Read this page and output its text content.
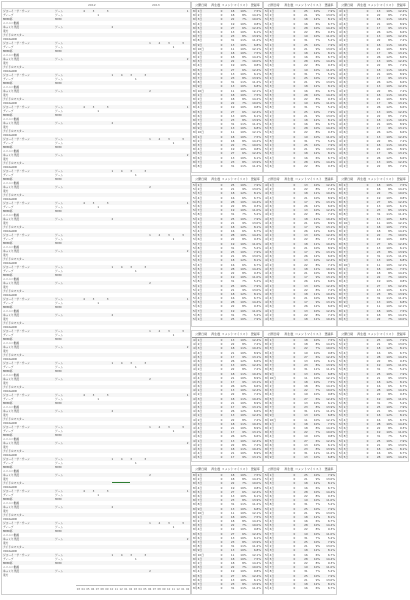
2012	2013
ジヨーイ・サ・サーン	ゲーム	4	3	3	1
ディープ	ゲーム	1
MMD杯	MMD
ニコニコ動画
ゆっくり実況	ゲーム	2
東方
アイドルマスター
VOCALOID
ジヨーイ・サ・サーン	ゲーム	1	4	3	3
ディープ	ゲーム	1
MMD杯	MMD
ニコニコ動画
ゆっくり実況	ゲーム	2
東方
アイドルマスター
VOCALOID
ジヨーイ・サ・サーン	ゲーム	1	4	3	3
ディープ	ゲーム	1
MMD杯	MMD
ニコニコ動画
ゆっくり実況	ゲーム	2
東方
アイドルマスター
VOCALOID
ジヨーイ・サ・サーン	ゲーム	4	3	3	1
ディープ	ゲーム	1
MMD杯	MMD
ニコニコ動画
ゆっくり実況	ゲーム	2
東方
アイドルマスター
VOCALOID
ジヨーイ・サ・サーン	ゲーム	1	4	3	3
ディープ	ゲーム	1
MMD杯	MMD
ニコニコ動画
ゆっくり実況	ゲーム	2
東方
アイドルマスター
VOCALOID
ジヨーイ・サ・サーン	ゲーム	1	4	3	3
ディープ	ゲーム	1
MMD杯	MMD
ニコニコ動画
ゆっくり実況	ゲーム	2
東方
アイドルマスター
VOCALOID
ジヨーイ・サ・サーン	ゲーム	4	3	3	1
ディープ	ゲーム	1
MMD杯	MMD
ニコニコ動画
ゆっくり実況	ゲーム	2
東方
アイドルマスター
VOCALOID
ジヨーイ・サ・サーン	ゲーム	1	4	3	3
ディープ	ゲーム	1
MMD杯	MMD
ニコニコ動画
ゆっくり実況	ゲーム	2
東方
アイドルマスター
VOCALOID
ジヨーイ・サ・サーン	ゲーム	1	4	3	3
ディープ	ゲーム	1
MMD杯	MMD
ニコニコ動画
ゆっくり実況	ゲーム	2
東方
アイドルマスター
VOCALOID
ジヨーイ・サ・サーン	ゲーム	4	3	3	1
ディープ	ゲーム	1
MMD杯	MMD
ニコニコ動画
ゆっくり実況	ゲーム	2
東方
アイドルマスター
VOCALOID
ジヨーイ・サ・サーン	ゲーム	1	4	3	3
ディープ	ゲーム	1
MMD杯	MMD
ニコニコ動画
ゆっくり実況	ゲーム	2
東方
アイドルマスター
VOCALOID
ジヨーイ・サ・サーン	ゲーム	1	4	3	3
ディープ	ゲーム	1
MMD杯	MMD
ニコニコ動画
ゆっくり実況	ゲーム	2
東方
アイドルマスター
VOCALOID
ジヨーイ・サ・サーン	ゲーム	4	3	3	1
ディープ	ゲーム	1
MMD杯	MMD
ニコニコ動画
ゆっくり実況	ゲーム	2
東方
アイドルマスター
VOCALOID
ジヨーイ・サ・サーン	ゲーム	1	4	3	3
ディープ	ゲーム	1
MMD杯	MMD
ニコニコ動画
ゆっくり実況	ゲーム	2
東方
アイドルマスター
VOCALOID
ジヨーイ・サ・サーン	ゲーム	1	4	3	3
ディープ	ゲーム	1
MMD杯	MMD
ニコニコ動画
ゆっくり実況	ゲーム	2
東方
アイドルマスター
VOCALOID
ジヨーイ・サ・サーン	ゲーム	4	3	3	1
ディープ	ゲーム	1
MMD杯	MMD
ニコニコ動画
ゆっくり実況	ゲーム	2
東方
アイドルマスター
VOCALOID
ジヨーイ・サ・サーン	ゲーム	1	4	3	3
ディープ	ゲーム	1
MMD杯	MMD
ニコニコ動画
ゆっくり実況	ゲーム	2
東方
アイドルマスター
VOCALOID
ジヨーイ・サ・サーン	ゲーム	1	4	3	3
ディープ	ゲーム	1
MMD杯	MMD
ニコニコ動画
ゆっくり実況	ゲーム	2
東方
03 04 05 06 07 08 09 10 11 12 01 02 03 04 05 06 07 08 09 10 11 12 01 02
公開日時	再生数 コメント マイリスト 登録率
8月1日	0	18	10%	7.5%
8月2日	0	18	8%	14.2%
8月3日	0	22	7%	10.0%
8月4日	0	19	10%	9.8%
8月5日	0	27	6%	12.4%
8月6日	0	13	10%	6.1%
8月7日	0	23	8%	13.9%
8月8日	0	31	11%	11.2%
8月9日	0	13	10%	6.8%
8月10日	0	11	10%	12.1%
8月1日	0	18	10%	7.5%
8月2日	0	18	8%	14.2%
8月3日	0	22	7%	10.0%
8月4日	0	19	10%	9.8%
8月5日	0	27	6%	12.4%
8月6日	0	13	10%	6.1%
8月7日	0	23	8%	13.9%
8月8日	0	31	11%	11.2%
8月9日	0	13	10%	6.8%
8月10日	0	11	10%	12.1%
8月1日	0	18	10%	7.5%
8月2日	0	18	8%	14.2%
8月3日	0	22	7%	10.0%
8月4日	0	19	10%	9.8%
8月5日	0	27	6%	12.4%
8月6日	0	13	10%	6.1%
8月7日	0	23	8%	13.9%
8月8日	0	31	11%	11.2%
8月9日	0	13	10%	6.8%
8月10日	0	11	10%	12.1%
8月1日	0	18	10%	7.5%
8月2日	0	18	8%	14.2%
8月3日	0	22	7%	10.0%
8月4日	0	19	10%	9.8%
8月5日	0	27	6%	12.4%
8月6日	0	13	10%	6.1%
8月7日	0	23	8%	13.9%
8月8日	0	31	11%	11.2%
公開日時	再生数 コメント マイリスト 登録率
5月1日	0	25	10%	7.9%
5月2日	0	21	9%	13.0%
5月3日	0	18	12%	8.1%
5月4日	0	16	6%	6.7%
5月5日	0	28	10%	14.4%
5月6日	0	22	8%	9.3%
5月7日	0	19	10%	11.0%
5月8日	0	31	7%	5.2%
5月1日	0	25	10%	7.9%
5月2日	0	21	9%	13.0%
5月3日	0	18	12%	8.1%
5月4日	0	16	6%	6.7%
5月5日	0	28	10%	14.4%
5月6日	0	22	8%	9.3%
5月7日	0	19	10%	11.0%
5月8日	0	31	7%	5.2%
5月1日	0	25	10%	7.9%
5月2日	0	21	9%	13.0%
5月3日	0	18	12%	8.1%
5月4日	0	16	6%	6.7%
5月5日	0	28	10%	14.4%
5月6日	0	22	8%	9.3%
5月7日	0	19	10%	11.0%
5月8日	0	31	7%	5.2%
5月1日	0	25	10%	7.9%
5月2日	0	21	9%	13.0%
5月3日	0	18	12%	8.1%
5月4日	0	16	6%	6.7%
5月5日	0	28	10%	14.4%
5月6日	0	22	8%	9.3%
5月7日	0	19	10%	11.0%
5月8日	0	31	7%	5.2%
5月1日	0	25	10%	7.9%
5月2日	0	21	9%	13.0%
5月3日	0	18	12%	8.1%
5月4日	0	16	6%	6.7%
5月5日	0	28	10%	14.4%
5月6日	0	22	8%	9.3%
公開日時	再生数 コメント マイリスト 登録率
4月1日	0	13	10%	12.4%
4月2日	0	22	8%	7.2%
4月3日	0	18	11%	10.4%
4月4日	0	21	10%	8.9%
4月5日	0	17	9%	13.1%
4月6日	0	26	12%	6.6%
4月1日	0	13	10%	12.4%
4月2日	0	22	8%	7.2%
4月3日	0	18	11%	10.4%
4月4日	0	21	10%	8.9%
4月5日	0	17	9%	13.1%
4月6日	0	26	12%	6.6%
4月1日	0	13	10%	12.4%
4月2日	0	22	8%	7.2%
4月3日	0	18	11%	10.4%
4月4日	0	21	10%	8.9%
4月5日	0	17	9%	13.1%
4月6日	0	26	12%	6.6%
4月1日	0	13	10%	12.4%
4月2日	0	22	8%	7.2%
4月3日	0	18	11%	10.4%
4月4日	0	21	10%	8.9%
4月5日	0	17	9%	13.1%
4月6日	0	26	12%	6.6%
4月1日	0	13	10%	12.4%
4月2日	0	22	8%	7.2%
4月3日	0	18	11%	10.4%
4月4日	0	21	10%	8.9%
4月5日	0	17	9%	13.1%
4月6日	0	26	12%	6.6%
4月1日	0	13	10%	12.4%
4月2日	0	22	8%	7.2%
4月3日	0	18	11%	10.4%
4月4日	0	21	10%	8.9%
4月5日	0	17	9%	13.1%
4月6日	0	26	12%	6.6%
4月1日	0	13	10%	12.4%
4月2日	0	22	8%	7.2%
公開日時	再生数 コメント マイリスト 登録率
5月1日	0	25	10%	7.9%
5月2日	0	21	9%	13.0%
5月3日	0	18	12%	8.1%
5月4日	0	16	6%	6.7%
5月5日	0	28	10%	14.4%
5月6日	0	22	8%	9.3%
5月7日	0	19	10%	11.0%
5月8日	0	31	7%	5.2%
5月1日	0	25	10%	7.9%
5月2日	0	21	9%	13.0%
5月3日	0	18	12%	8.1%
5月4日	0	16	6%	6.7%
5月5日	0	28	10%	14.4%
5月6日	0	22	8%	9.3%
5月7日	0	19	10%	11.0%
5月8日	0	31	7%	5.2%
5月1日	0	25	10%	7.9%
5月2日	0	21	9%	13.0%
5月3日	0	18	12%	8.1%
5月4日	0	16	6%	6.7%
5月5日	0	28	10%	14.4%
5月6日	0	22	8%	9.3%
5月7日	0	19	10%	11.0%
5月8日	0	31	7%	5.2%
5月1日	0	25	10%	7.9%
5月2日	0	21	9%	13.0%
5月3日	0	18	12%	8.1%
5月4日	0	16	6%	6.7%
5月5日	0	28	10%	14.4%
5月6日	0	22	8%	9.3%
5月7日	0	19	10%	11.0%
5月8日	0	31	7%	5.2%
5月1日	0	25	10%	7.9%
公開日時	再生数 コメント マイリスト 登録率
4月1日	0	13	10%	12.4%
4月2日	0	22	8%	7.2%
4月3日	0	18	11%	10.4%
4月4日	0	21	10%	8.9%
4月5日	0	17	9%	13.1%
4月6日	0	26	12%	6.6%
4月1日	0	13	10%	12.4%
4月2日	0	22	8%	7.2%
4月3日	0	18	11%	10.4%
4月4日	0	21	10%	8.9%
4月5日	0	17	9%	13.1%
4月6日	0	26	12%	6.6%
4月1日	0	13	10%	12.4%
4月2日	0	22	8%	7.2%
4月3日	0	18	11%	10.4%
4月4日	0	21	10%	8.9%
4月5日	0	17	9%	13.1%
4月6日	0	26	12%	6.6%
4月1日	0	13	10%	12.4%
4月2日	0	22	8%	7.2%
4月3日	0	18	11%	10.4%
4月4日	0	21	10%	8.9%
4月5日	0	17	9%	13.1%
4月6日	0	26	12%	6.6%
4月1日	0	13	10%	12.4%
4月2日	0	22	8%	7.2%
4月3日	0	18	11%	10.4%
4月4日	0	21	10%	8.9%
4月5日	0	17	9%	13.1%
4月6日	0	26	12%	6.6%
4月1日	0	13	10%	12.4%
4月2日	0	22	8%	7.2%
4月3日	0	18	11%	10.4%
公開日時	再生数 コメント マイリスト 登録率
8月1日	0	18	10%	7.5%
8月2日	0	18	8%	14.2%
8月3日	0	22	7%	10.0%
8月4日	0	19	10%	9.8%
8月5日	0	27	6%	12.4%
8月6日	0	13	10%	6.1%
8月7日	0	23	8%	13.9%
8月8日	0	31	11%	11.2%
8月9日	0	13	10%	6.8%
8月10日	0	11	10%	12.1%
8月1日	0	18	10%	7.5%
8月2日	0	18	8%	14.2%
8月3日	0	22	7%	10.0%
8月4日	0	19	10%	9.8%
8月5日	0	27	6%	12.4%
8月6日	0	13	10%	6.1%
8月7日	0	23	8%	13.9%
8月8日	0	31	11%	11.2%
8月9日	0	13	10%	6.8%
8月10日	0	11	10%	12.1%
8月1日	0	18	10%	7.5%
8月2日	0	18	8%	14.2%
8月3日	0	22	7%	10.0%
8月4日	0	19	10%	9.8%
8月5日	0	27	6%	12.4%
8月6日	0	13	10%	6.1%
8月7日	0	23	8%	13.9%
8月8日	0	31	11%	11.2%
8月9日	0	13	10%	6.8%
8月10日	0	11	10%	12.1%
8月1日	0	18	10%	7.5%
8月2日	0	18	8%	14.2%
8月3日	0	22	7%	10.0%
公開日時	再生数 コメント マイリスト 登録率
4月1日	0	13	10%	12.4%
4月2日	0	22	8%	7.2%
4月3日	0	18	11%	10.4%
4月4日	0	21	10%	8.9%
4月5日	0	17	9%	13.1%
4月6日	0	26	12%	6.6%
4月1日	0	13	10%	12.4%
4月2日	0	22	8%	7.2%
4月3日	0	18	11%	10.4%
4月4日	0	21	10%	8.9%
4月5日	0	17	9%	13.1%
4月6日	0	26	12%	6.6%
4月1日	0	13	10%	12.4%
4月2日	0	22	8%	7.2%
4月3日	0	18	11%	10.4%
4月4日	0	21	10%	8.9%
4月5日	0	17	9%	13.1%
4月6日	0	26	12%	6.6%
4月1日	0	13	10%	12.4%
4月2日	0	22	8%	7.2%
4月3日	0	18	11%	10.4%
4月4日	0	21	10%	8.9%
4月5日	0	17	9%	13.1%
4月6日	0	26	12%	6.6%
4月1日	0	13	10%	12.4%
4月2日	0	22	8%	7.2%
4月3日	0	18	11%	10.4%
4月4日	0	21	10%	8.9%
4月5日	0	17	9%	13.1%
公開日時	再生数 コメント マイリスト 登録率
8月1日	0	18	10%	7.5%
8月2日	0	18	8%	14.2%
8月3日	0	22	7%	10.0%
8月4日	0	19	10%	9.8%
8月5日	0	27	6%	12.4%
8月6日	0	13	10%	6.1%
8月7日	0	23	8%	13.9%
8月8日	0	31	11%	11.2%
8月9日	0	13	10%	6.8%
8月10日	0	11	10%	12.1%
8月1日	0	18	10%	7.5%
8月2日	0	18	8%	14.2%
8月3日	0	22	7%	10.0%
8月4日	0	19	10%	9.8%
8月5日	0	27	6%	12.4%
8月6日	0	13	10%	6.1%
8月7日	0	23	8%	13.9%
8月8日	0	31	11%	11.2%
8月9日	0	13	10%	6.8%
8月10日	0	11	10%	12.1%
8月1日	0	18	10%	7.5%
8月2日	0	18	8%	14.2%
8月3日	0	22	7%	10.0%
8月4日	0	19	10%	9.8%
8月5日	0	27	6%	12.4%
8月6日	0	13	10%	6.1%
8月7日	0	23	8%	13.9%
8月8日	0	31	11%	11.2%
8月9日	0	13	10%	6.8%
公開日時	再生数 コメント マイリスト 登録率
5月1日	0	25	10%	7.9%
5月2日	0	21	9%	13.0%
5月3日	0	18	12%	8.1%
5月4日	0	16	6%	6.7%
5月5日	0	28	10%	14.4%
5月6日	0	22	8%	9.3%
5月7日	0	19	10%	11.0%
5月8日	0	31	7%	5.2%
5月1日	0	25	10%	7.9%
5月2日	0	21	9%	13.0%
5月3日	0	18	12%	8.1%
5月4日	0	16	6%	6.7%
5月5日	0	28	10%	14.4%
5月6日	0	22	8%	9.3%
5月7日	0	19	10%	11.0%
5月8日	0	31	7%	5.2%
5月1日	0	25	10%	7.9%
5月2日	0	21	9%	13.0%
5月3日	0	18	12%	8.1%
5月4日	0	16	6%	6.7%
5月5日	0	28	10%	14.4%
5月6日	0	22	8%	9.3%
5月7日	0	19	10%	11.0%
5月8日	0	31	7%	5.2%
5月1日	0	25	10%	7.9%
5月2日	0	21	9%	13.0%
5月3日	0	18	12%	8.1%
5月4日	0	16	6%	6.7%
5月5日	0	28	10%	14.4%
公開日時	再生数 コメント マイリスト 登録率
8月1日	0	18	10%	7.5%
8月2日	0	18	8%	14.2%
8月3日	0	22	7%	10.0%
8月4日	0	19	10%	9.8%
8月5日	0	27	6%	12.4%
8月6日	0	13	10%	6.1%
8月7日	0	23	8%	13.9%
8月8日	0	31	11%	11.2%
8月9日	0	13	10%	6.8%
8月10日	0	11	10%	12.1%
8月1日	0	18	10%	7.5%
8月2日	0	18	8%	14.2%
8月3日	0	22	7%	10.0%
8月4日	0	19	10%	9.8%
8月5日	0	27	6%	12.4%
8月6日	0	13	10%	6.1%
8月7日	0	23	8%	13.9%
8月8日	0	31	11%	11.2%
8月9日	0	13	10%	6.8%
8月10日	0	11	10%	12.1%
8月1日	0	18	10%	7.5%
8月2日	0	18	8%	14.2%
8月3日	0	22	7%	10.0%
8月4日	0	19	10%	9.8%
8月5日	0	27	6%	12.4%
8月6日	0	13	10%	6.1%
8月7日	0	23	8%	13.9%
8月8日	0	31	11%	11.2%
公開日時	再生数 コメント マイリスト 登録率
5月1日	0	25	10%	7.9%
5月2日	0	21	9%	13.0%
5月3日	0	18	12%	8.1%
5月4日	0	16	6%	6.7%
5月5日	0	28	10%	14.4%
5月6日	0	22	8%	9.3%
5月7日	0	19	10%	11.0%
5月8日	0	31	7%	5.2%
5月1日	0	25	10%	7.9%
5月2日	0	21	9%	13.0%
5月3日	0	18	12%	8.1%
5月4日	0	16	6%	6.7%
5月5日	0	28	10%	14.4%
5月6日	0	22	8%	9.3%
5月7日	0	19	10%	11.0%
5月8日	0	31	7%	5.2%
5月1日	0	25	10%	7.9%
5月2日	0	21	9%	13.0%
5月3日	0	18	12%	8.1%
5月4日	0	16	6%	6.7%
5月5日	0	28	10%	14.4%
5月6日	0	22	8%	9.3%
5月7日	0	19	10%	11.0%
5月8日	0	31	7%	5.2%
5月1日	0	25	10%	7.9%
5月2日	0	21	9%	13.0%
5月3日	0	18	12%	8.1%
5月4日	0	16	6%	6.7%
